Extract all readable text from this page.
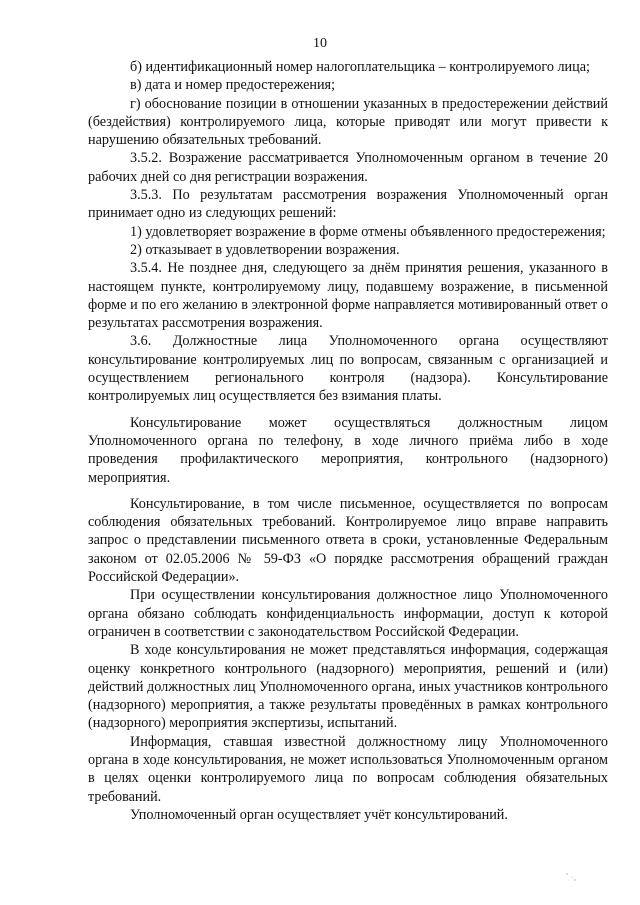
10

б) идентификационный номер налогоплательщика – контролируемого лица;

в) дата и номер предостережения;

г) обоснование позиции в отношении указанных в предостережении действий (бездействия) контролируемого лица, которые приводят или могут привести к нарушению обязательных требований.

3.5.2. Возражение рассматривается Уполномоченным органом в течение 20 рабочих дней со дня регистрации возражения.

3.5.3. По результатам рассмотрения возражения Уполномоченный орган принимает одно из следующих решений:

1) удовлетворяет возражение в форме отмены объявленного предостережения;

2) отказывает в удовлетворении возражения.

3.5.4. Не позднее дня, следующего за днём принятия решения, указанного в настоящем пункте, контролируемому лицу, подавшему возражение, в письменной форме и по его желанию в электронной форме направляется мотивированный ответ о результатах рассмотрения возражения.

3.6. Должностные лица Уполномоченного органа осуществляют консультирование контролируемых лиц по вопросам, связанным с организацией и осуществлением регионального контроля (надзора). Консультирование контролируемых лиц осуществляется без взимания платы.

Консультирование может осуществляться должностным лицом Уполномоченного органа по телефону, в ходе личного приёма либо в ходе проведения профилактического мероприятия, контрольного (надзорного) мероприятия.

Консультирование, в том числе письменное, осуществляется по вопросам соблюдения обязательных требований. Контролируемое лицо вправе направить запрос о представлении письменного ответа в сроки, установленные Федеральным законом от 02.05.2006 № 59-ФЗ «О порядке рассмотрения обращений граждан Российской Федерации».

При осуществлении консультирования должностное лицо Уполномоченного органа обязано соблюдать конфиденциальность информации, доступ к которой ограничен в соответствии с законодательством Российской Федерации.

В ходе консультирования не может представляться информация, содержащая оценку конкретного контрольного (надзорного) мероприятия, решений и (или) действий должностных лиц Уполномоченного органа, иных участников контрольного (надзорного) мероприятия, а также результаты проведённых в рамках контрольного (надзорного) мероприятия экспертизы, испытаний.

Информация, ставшая известной должностному лицу Уполномоченного органа в ходе консультирования, не может использоваться Уполномоченным органом в целях оценки контролируемого лица по вопросам соблюдения обязательных требований.

Уполномоченный орган осуществляет учёт консультирований.
